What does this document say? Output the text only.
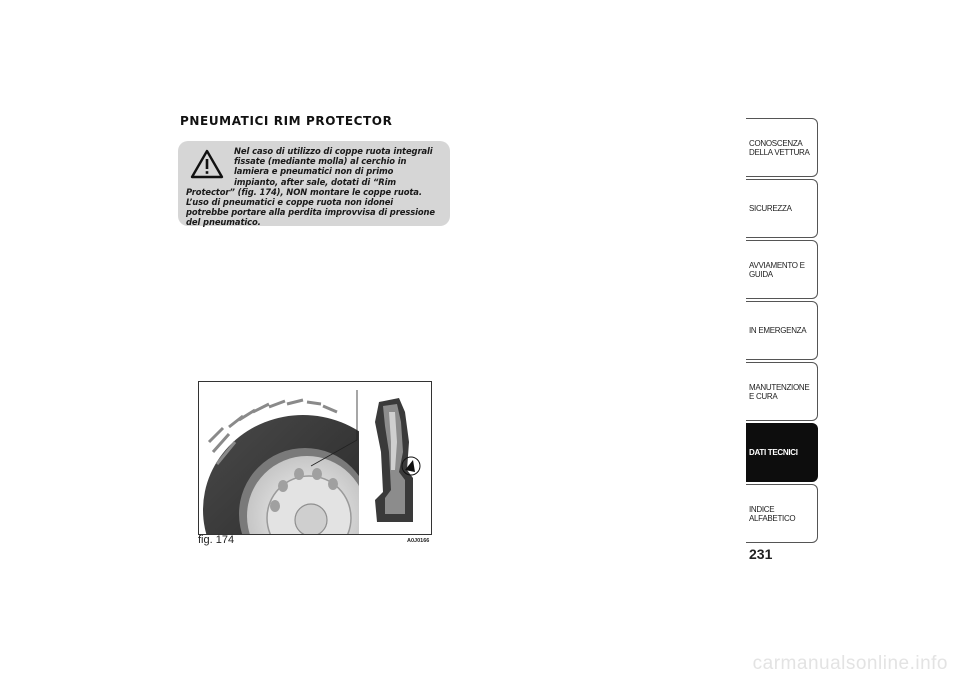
PNEUMATICI RIM PROTECTOR

Nel caso di utilizzo di coppe ruota integrali fissate (mediante molla) al cerchio in lamiera e pneumatici non di primo impianto, after sale, dotati di “Rim Protector” (fig. 174), NON montare le coppe ruota. L’uso di pneumatici e coppe ruota non idonei potrebbe portare alla perdita improvvisa di pressione del pneumatico.

fig. 174	A0J0166
CONOSCENZA DELLA VETTURA
SICUREZZA
AVVIAMENTO E GUIDA
IN EMERGENZA
MANUTENZIONE E CURA
DATI TECNICI
INDICE ALFABETICO
231
carmanualsonline.info
